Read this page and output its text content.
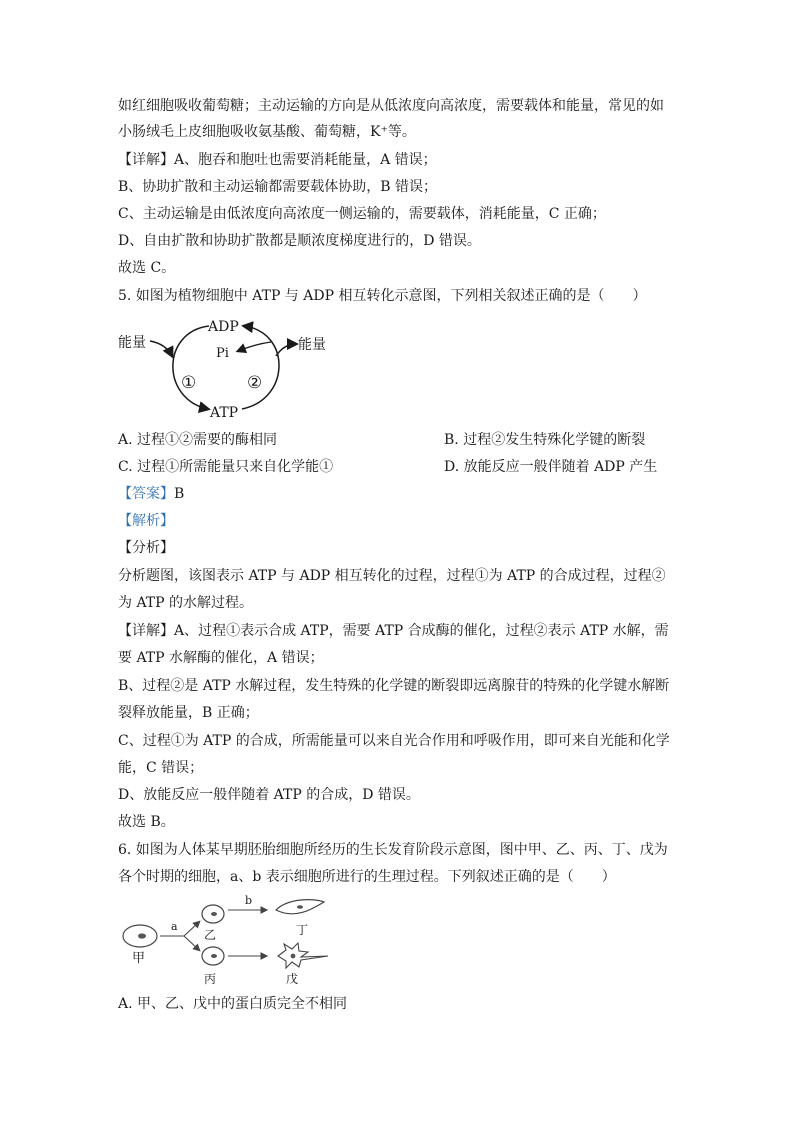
如红细胞吸收葡萄糖；主动运输的方向是从低浓度向高浓度，需要载体和能量，常见的如
小肠绒毛上皮细胞吸收氨基酸、葡萄糖，K⁺等。
【详解】A、胞吞和胞吐也需要消耗能量，A 错误；
B、协助扩散和主动运输都需要载体协助，B 错误；
C、主动运输是由低浓度向高浓度一侧运输的，需要载体，消耗能量，C 正确；
D、自由扩散和协助扩散都是顺浓度梯度进行的，D 错误。
故选 C。
5. 如图为植物细胞中 ATP 与 ADP 相互转化示意图，下列相关叙述正确的是（　　）
能量
ADP
Pi
能量
①	②
ATP
A. 过程①②需要的酶相同	B. 过程②发生特殊化学键的断裂
C. 过程①所需能量只来自化学能①	D. 放能反应一般伴随着 ADP 产生
【答案】B
【解析】
【分析】
分析题图，该图表示 ATP 与 ADP 相互转化的过程，过程①为 ATP 的合成过程，过程②
为 ATP 的水解过程。
【详解】A、过程①表示合成 ATP，需要 ATP 合成酶的催化，过程②表示 ATP 水解，需
要 ATP 水解酶的催化，A 错误；
B、过程②是 ATP 水解过程，发生特殊的化学键的断裂即远离腺苷的特殊的化学键水解断
裂释放能量，B 正确；
C、过程①为 ATP 的合成，所需能量可以来自光合作用和呼吸作用，即可来自光能和化学
能，C 错误；
D、放能反应一般伴随着 ATP 的合成，D 错误。
故选 B。
6. 如图为人体某早期胚胎细胞所经历的生长发育阶段示意图，图中甲、乙、丙、丁、戊为
各个时期的细胞，a、b 表示细胞所进行的生理过程。下列叙述正确的是（　　）
甲
a
乙
丙
b
丁
戊
A. 甲、乙、戊中的蛋白质完全不相同
